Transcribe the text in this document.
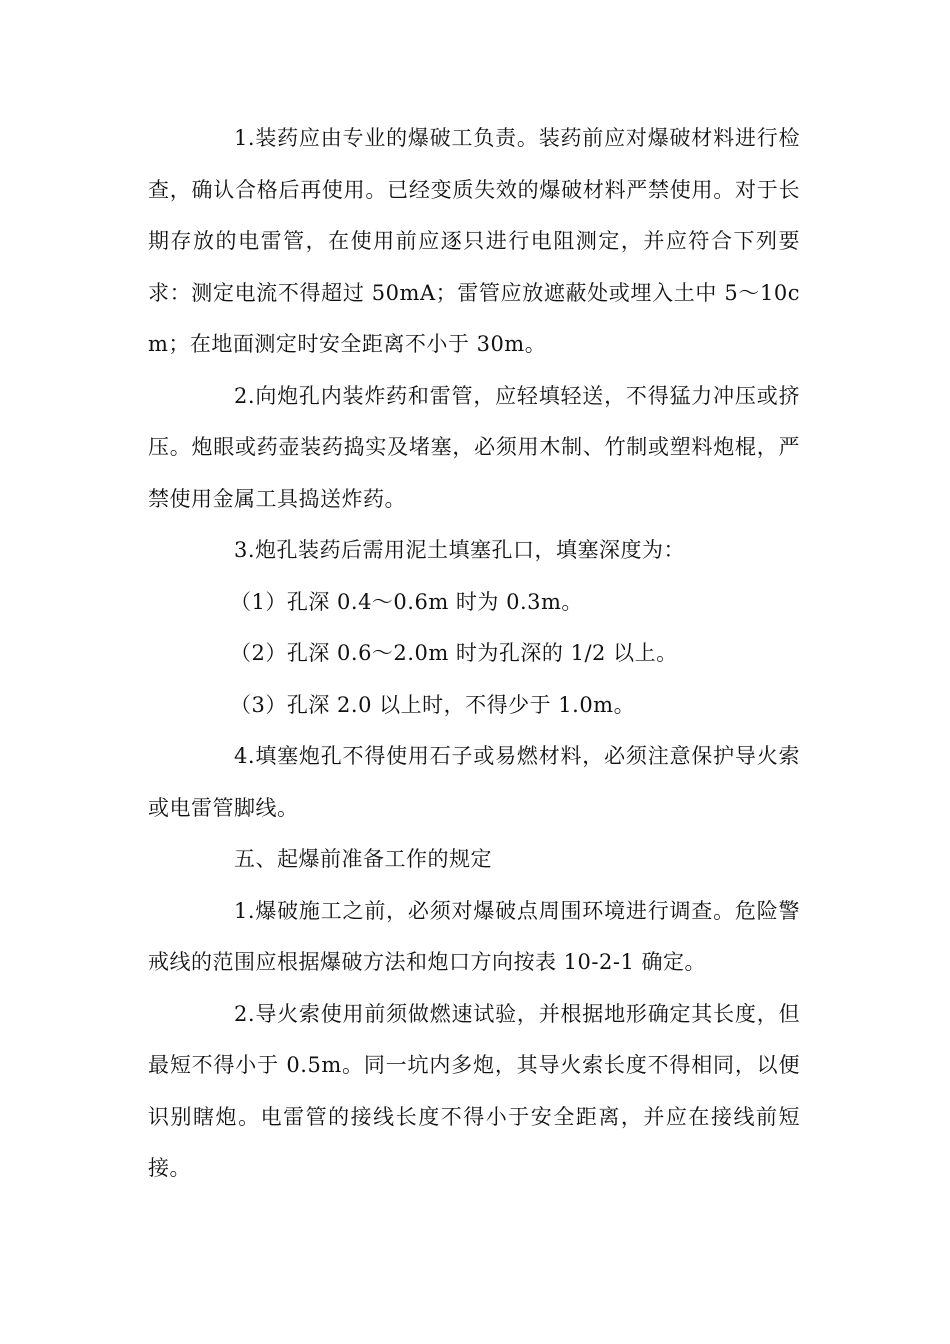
1.装药应由专业的爆破工负责。装药前应对爆破材料进行检查，确认合格后再使用。已经变质失效的爆破材料严禁使用。对于长期存放的电雷管，在使用前应逐只进行电阻测定，并应符合下列要求：测定电流不得超过 50mA；雷管应放遮蔽处或埋入土中 5～10cm；在地面测定时安全距离不小于 30m。

2.向炮孔内装炸药和雷管，应轻填轻送，不得猛力冲压或挤压。炮眼或药壶装药捣实及堵塞，必须用木制、竹制或塑料炮棍，严禁使用金属工具捣送炸药。

3.炮孔装药后需用泥土填塞孔口，填塞深度为：

（1）孔深 0.4～0.6m 时为 0.3m。

（2）孔深 0.6～2.0m 时为孔深的 1/2 以上。

（3）孔深 2.0 以上时，不得少于 1.0m。

4.填塞炮孔不得使用石子或易燃材料，必须注意保护导火索或电雷管脚线。

五、起爆前准备工作的规定

1.爆破施工之前，必须对爆破点周围环境进行调查。危险警戒线的范围应根据爆破方法和炮口方向按表 10-2-1 确定。

2.导火索使用前须做燃速试验，并根据地形确定其长度，但最短不得小于 0.5m。同一坑内多炮，其导火索长度不得相同，以便识别瞎炮。电雷管的接线长度不得小于安全距离，并应在接线前短接。
